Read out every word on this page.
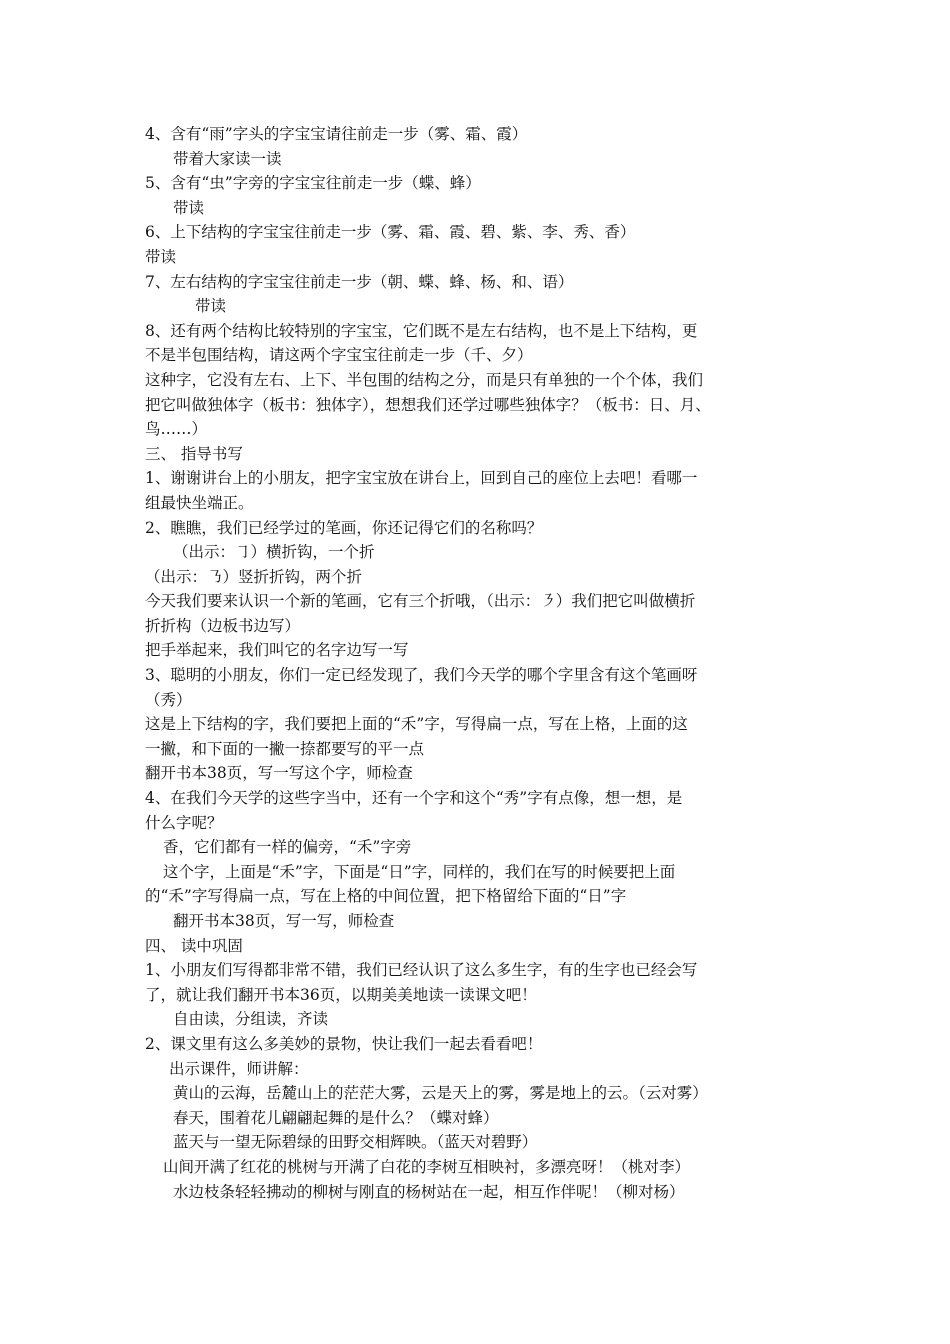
4、含有“雨”字头的字宝宝请往前走一步（雾、霜、霞）
带着大家读一读
5、含有“虫”字旁的字宝宝往前走一步（蝶、蜂）
带读
6、上下结构的字宝宝往前走一步（雾、霜、霞、碧、紫、李、秀、香）
带读
7、左右结构的字宝宝往前走一步（朝、蝶、蜂、杨、和、语）
带读
8、还有两个结构比较特别的字宝宝，它们既不是左右结构，也不是上下结构，更
不是半包围结构，请这两个字宝宝往前走一步（千、夕）
这种字，它没有左右、上下、半包围的结构之分，而是只有单独的一个个体，我们
把它叫做独体字（板书：独体字），想想我们还学过哪些独体字？（板书：日、月、
鸟……）
三、 指导书写
1、谢谢讲台上的小朋友，把字宝宝放在讲台上，回到自己的座位上去吧！看哪一
组最快坐端正。
2、瞧瞧，我们已经学过的笔画，你还记得它们的名称吗？
（出示：㇆）横折钩，一个折
（出示：㇡）竖折折钩，两个折
今天我们要来认识一个新的笔画，它有三个折哦，（出示：㇋）我们把它叫做横折
折折构（边板书边写）
把手举起来，我们叫它的名字边写一写
3、聪明的小朋友，你们一定已经发现了，我们今天学的哪个字里含有这个笔画呀
（秀）
这是上下结构的字，我们要把上面的“禾”字，写得扁一点，写在上格，上面的这
一撇，和下面的一撇一捺都要写的平一点
翻开书本38页，写一写这个字，师检查
4、在我们今天学的这些字当中，还有一个字和这个“秀”字有点像，想一想，是
什么字呢？
香，它们都有一样的偏旁，“禾”字旁
这个字，上面是“禾”字，下面是“日”字，同样的，我们在写的时候要把上面
的“禾”字写得扁一点，写在上格的中间位置，把下格留给下面的“日”字
翻开书本38页，写一写，师检查
四、 读中巩固
1、小朋友们写得都非常不错，我们已经认识了这么多生字，有的生字也已经会写
了，就让我们翻开书本36页，以期美美地读一读课文吧！
自由读，分组读，齐读
2、课文里有这么多美妙的景物，快让我们一起去看看吧！
出示课件，师讲解：
黄山的云海，岳麓山上的茫茫大雾，云是天上的雾，雾是地上的云。（云对雾）
春天，围着花儿翩翩起舞的是什么？（蝶对蜂）
蓝天与一望无际碧绿的田野交相辉映。（蓝天对碧野）
山间开满了红花的桃树与开满了白花的李树互相映衬，多漂亮呀！（桃对李）
水边枝条轻轻拂动的柳树与刚直的杨树站在一起，相互作伴呢！（柳对杨）
